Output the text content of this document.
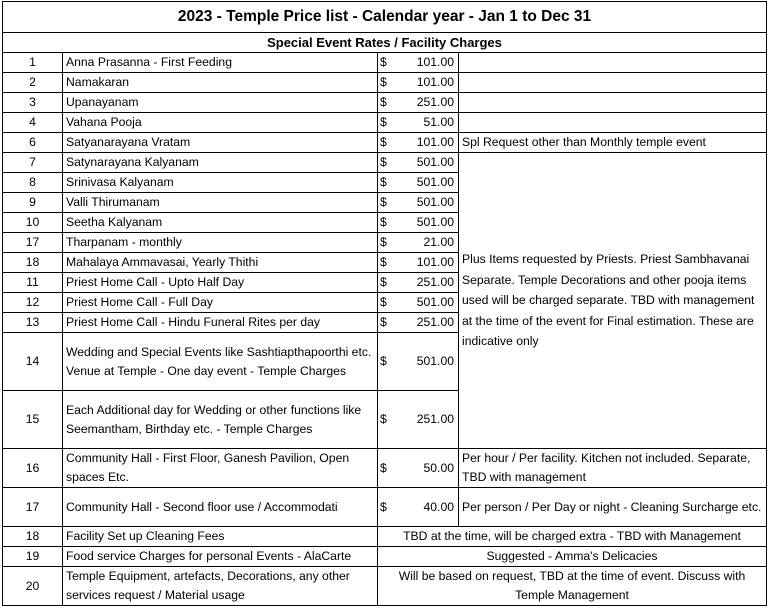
2023 - Temple Price list - Calendar year - Jan 1 to Dec 31				
Special Event Rates / Facility Charges				
1	Anna Prasanna - First Feeding	$	101.00	
2	Namakaran	$	101.00	
3	Upanayanam	$	251.00	
4	Vahana Pooja	$	51.00	
6	Satyanarayana Vratam	$	101.00	Spl Request other than Monthly temple event
7	Satynarayana Kalyanam	$	501.00	Plus Items requested by Priests. Priest Sambhavanai Separate. Temple Decorations and other pooja items used will be charged separate. TBD with management at the time of the event for Final estimation. These are indicative only
8	Srinivasa Kalyanam	$	501.00	
9	Valli Thirumanam	$	501.00	
10	Seetha Kalyanam	$	501.00	
17	Tharpanam - monthly	$	21.00	
18	Mahalaya Ammavasai, Yearly Thithi	$	101.00	
11	Priest Home Call - Upto Half Day	$	251.00	
12	Priest Home Call - Full Day	$	501.00	
13	Priest Home Call - Hindu Funeral Rites per day	$	251.00	
14	Wedding and Special Events like Sashtiapthapoorthi etc. Venue at Temple - One day event - Temple Charges	$	501.00	
15	Each Additional day for Wedding or other functions like Seemantham, Birthday etc. - Temple Charges	$	251.00	
16	Community Hall - First Floor, Ganesh Pavilion, Open spaces Etc.	$	50.00	Per hour / Per facility. Kitchen not included. Separate, TBD with management
17	Community Hall - Second floor use / Accommodati	$	40.00	Per person / Per Day or night - Cleaning Surcharge etc.
18	Facility Set up Cleaning Fees	TBD at the time, will be charged extra - TBD with Management		
19	Food service Charges for personal Events - AlaCarte	Suggested - Amma's Delicacies		
20	Temple Equipment, artefacts, Decorations, any other services request / Material usage	Will be based on request, TBD at the time of event. Discuss with Temple Management		
